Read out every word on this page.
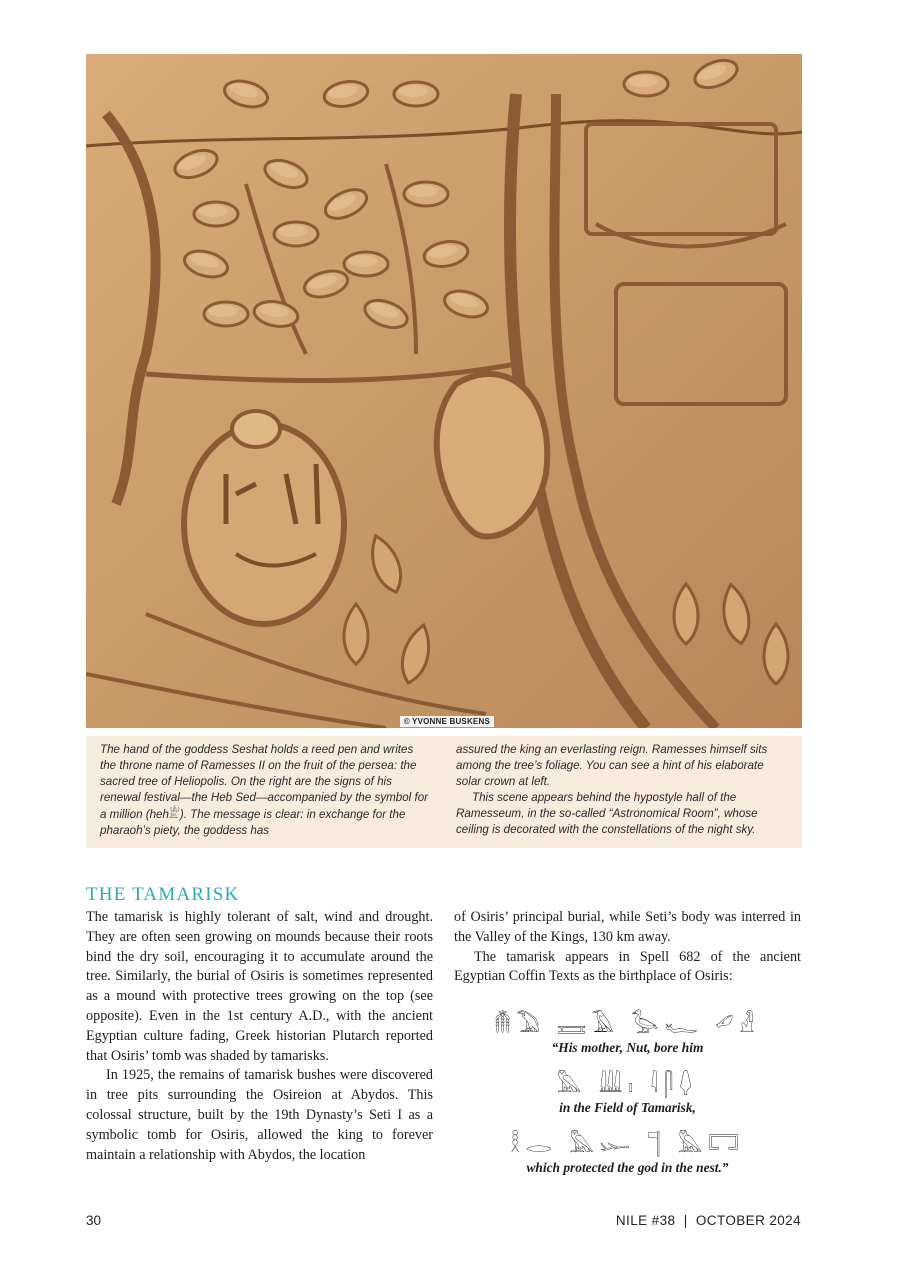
© YVONNE BUSKENS

The hand of the goddess Seshat holds a reed pen and writes the throne name of Ramesses II on the fruit of the persea: the sacred tree of Heliopolis. On the right are the signs of his renewal festival—the Heb Sed—accompanied by the symbol for a million (heh𓁨). The message is clear: in exchange for the pharaoh’s piety, the goddess has

assured the king an everlasting reign. Ramesses himself sits among the tree’s foliage. You can see a hint of his elaborate solar crown at left.

This scene appears behind the hypostyle hall of the Ramesseum, in the so-called “Astronomical Room”, whose ceiling is decorated with the constellations of the night sky.

THE TAMARISK

The tamarisk is highly tolerant of salt, wind and drought. They are often seen growing on mounds because their roots bind the dry soil, encouraging it to accumulate around the tree. Similarly, the burial of Osiris is sometimes represented as a mound with protective trees growing on the top (see opposite). Even in the 1st century A.D., with the ancient Egyptian culture fading, Greek historian Plutarch reported that Osiris’ tomb was shaded by tamarisks.

In 1925, the remains of tamarisk bushes were discovered in tree pits surrounding the Osireion at Abydos. This colossal structure, built by the 19th Dynasty’s Seti I as a symbolic tomb for Osiris, allowed the king to forever maintain a relationship with Abydos, the location

of Osiris’ principal burial, while Seti’s body was interred in the Valley of the Kings, 130 km away.

The tamarisk appears in Spell 682 of the ancient Egyptian Coffin Texts as the birthplace of Osiris:

𓄟𓅐 𓈘𓄿 𓅭𓆑 𓄔𓁐
“His mother, Nut, bore him
𓅓 𓇏𓏤 𓇋𓋴𓆭
in the Field of Tamarisk,
𓎛𓂋 𓅓𓆱 𓊹 𓅓𓉐
which protected the god in the nest.”
30	NILE #38  |  OCTOBER 2024
